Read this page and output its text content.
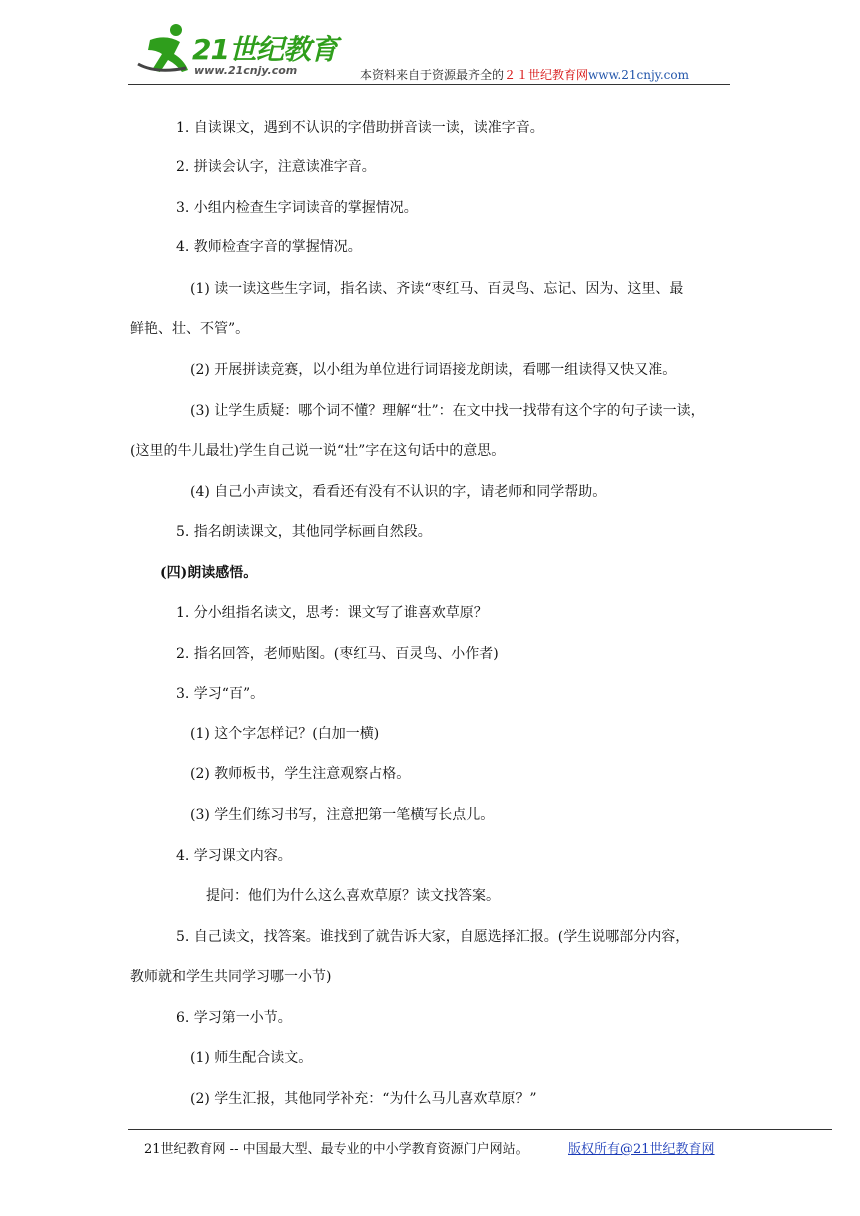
21世纪教育
www.21cnjy.com	本资料来自于资源最齐全的２１世纪教育网www.21cnjy.com
1. 自读课文，遇到不认识的字借助拼音读一读，读准字音。
2. 拼读会认字，注意读准字音。
3. 小组内检查生字词读音的掌握情况。
4. 教师检查字音的掌握情况。
(1) 读一读这些生字词，指名读、齐读“枣红马、百灵鸟、忘记、因为、这里、最
鲜艳、壮、不管”。
(2) 开展拼读竞赛，以小组为单位进行词语接龙朗读，看哪一组读得又快又准。
(3) 让学生质疑：哪个词不懂？理解“壮”：在文中找一找带有这个字的句子读一读，
(这里的牛儿最壮)学生自己说一说“壮”字在这句话中的意思。
(4) 自己小声读文，看看还有没有不认识的字，请老师和同学帮助。
5. 指名朗读课文，其他同学标画自然段。
(四)朗读感悟。
1. 分小组指名读文，思考：课文写了谁喜欢草原？
2. 指名回答，老师贴图。(枣红马、百灵鸟、小作者)
3. 学习“百”。
(1) 这个字怎样记？(白加一横)
(2) 教师板书，学生注意观察占格。
(3) 学生们练习书写，注意把第一笔横写长点儿。
4. 学习课文内容。
提问：他们为什么这么喜欢草原？读文找答案。
5. 自己读文，找答案。谁找到了就告诉大家，自愿选择汇报。(学生说哪部分内容，
教师就和学生共同学习哪一小节)
6. 学习第一小节。
(1) 师生配合读文。
(2) 学生汇报，其他同学补充：“为什么马儿喜欢草原？”
21世纪教育网 -- 中国最大型、最专业的中小学教育资源门户网站。	版权所有@21世纪教育网
